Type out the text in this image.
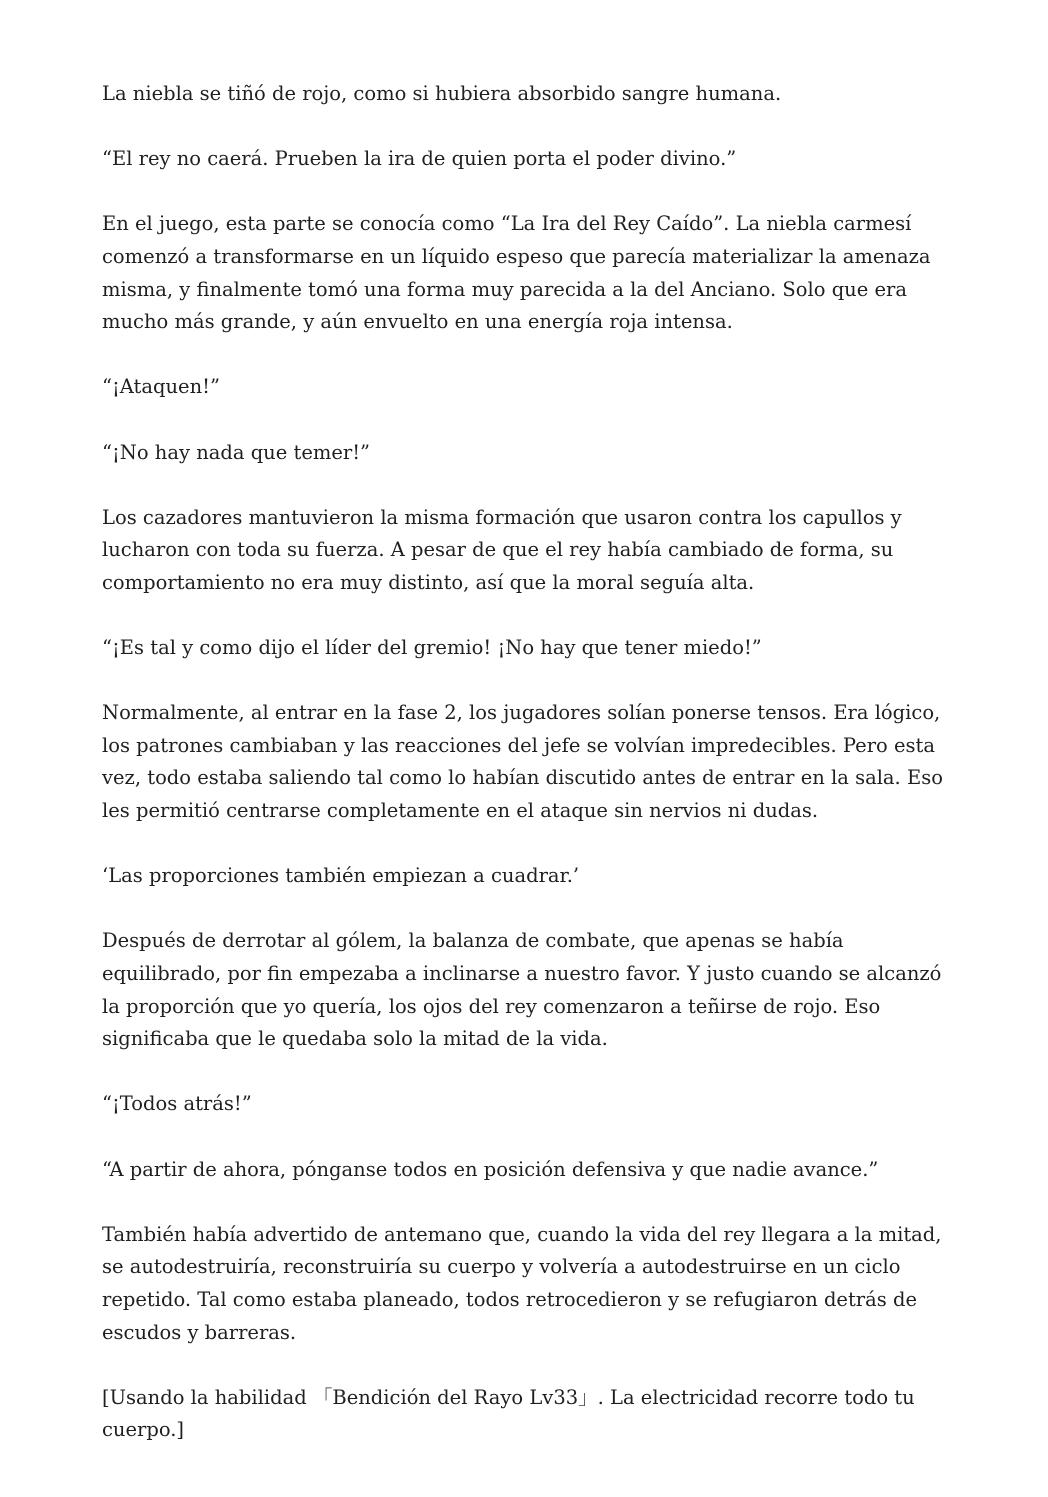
La niebla se tiñó de rojo, como si hubiera absorbido sangre humana.

“El rey no caerá. Prueben la ira de quien porta el poder divino.”

En el juego, esta parte se conocía como “La Ira del Rey Caído”. La niebla carmesí comenzó a transformarse en un líquido espeso que parecía materializar la amenaza misma, y finalmente tomó una forma muy parecida a la del Anciano. Solo que era mucho más grande, y aún envuelto en una energía roja intensa.

“¡Ataquen!”

“¡No hay nada que temer!”

Los cazadores mantuvieron la misma formación que usaron contra los capullos y lucharon con toda su fuerza. A pesar de que el rey había cambiado de forma, su comportamiento no era muy distinto, así que la moral seguía alta.

“¡Es tal y como dijo el líder del gremio! ¡No hay que tener miedo!”

Normalmente, al entrar en la fase 2, los jugadores solían ponerse tensos. Era lógico, los patrones cambiaban y las reacciones del jefe se volvían impredecibles. Pero esta vez, todo estaba saliendo tal como lo habían discutido antes de entrar en la sala. Eso les permitió centrarse completamente en el ataque sin nervios ni dudas.

‘Las proporciones también empiezan a cuadrar.’

Después de derrotar al gólem, la balanza de combate, que apenas se había equilibrado, por fin empezaba a inclinarse a nuestro favor. Y justo cuando se alcanzó la proporción que yo quería, los ojos del rey comenzaron a teñirse de rojo. Eso significaba que le quedaba solo la mitad de la vida.

“¡Todos atrás!”

“A partir de ahora, pónganse todos en posición defensiva y que nadie avance.”

También había advertido de antemano que, cuando la vida del rey llegara a la mitad, se autodestruiría, reconstruiría su cuerpo y volvería a autodestruirse en un ciclo repetido. Tal como estaba planeado, todos retrocedieron y se refugiaron detrás de escudos y barreras.

[Usando la habilidad 「Bendición del Rayo Lv33」. La electricidad recorre todo tu cuerpo.]
